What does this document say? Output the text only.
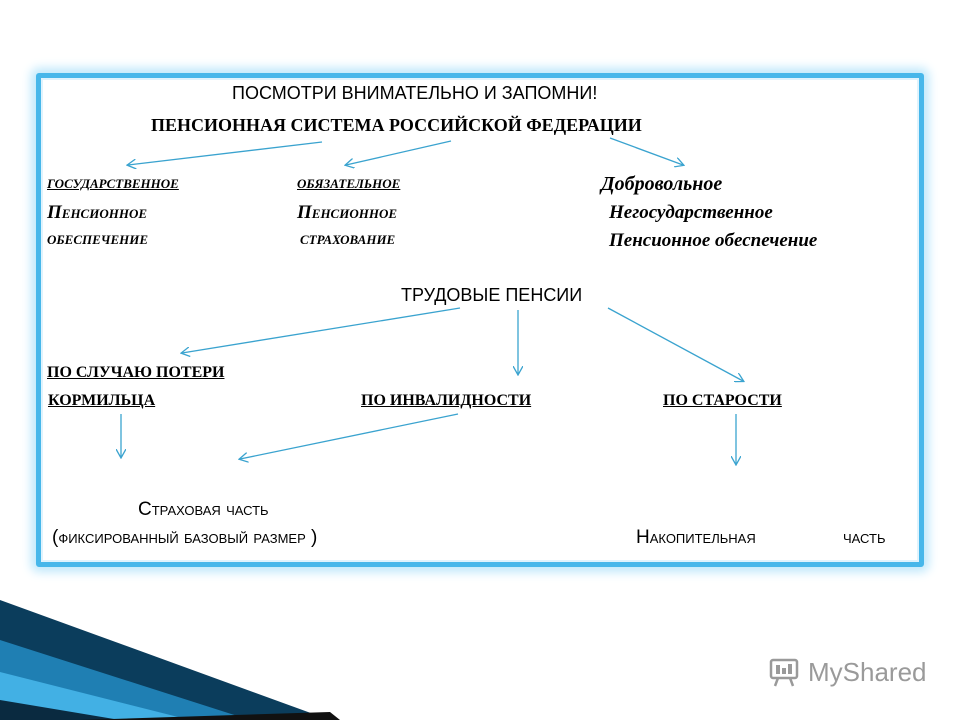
ПОСМОТРИ ВНИМАТЕЛЬНО И ЗАПОМНИ!
ПЕНСИОННАЯ СИСТЕМА РОССИЙСКОЙ ФЕДЕРАЦИИ
ГОСУДАРСТВЕННОЕ
Пенсионное
ОБЕСПЕЧЕНИЕ
ОБЯЗАТЕЛЬНОЕ
Пенсионное
СТРАХОВАНИЕ
Добровольное
Негосударственное
Пенсионное обеспечение
ТРУДОВЫЕ ПЕНСИИ
ПО СЛУЧАЮ ПОТЕРИ
КОРМИЛЬЦА	ПО ИНВАЛИДНОСТИ	ПО СТАРОСТИ
Страховая часть
(фиксированный базовый размер )	Накопительная	часть
MyShared
